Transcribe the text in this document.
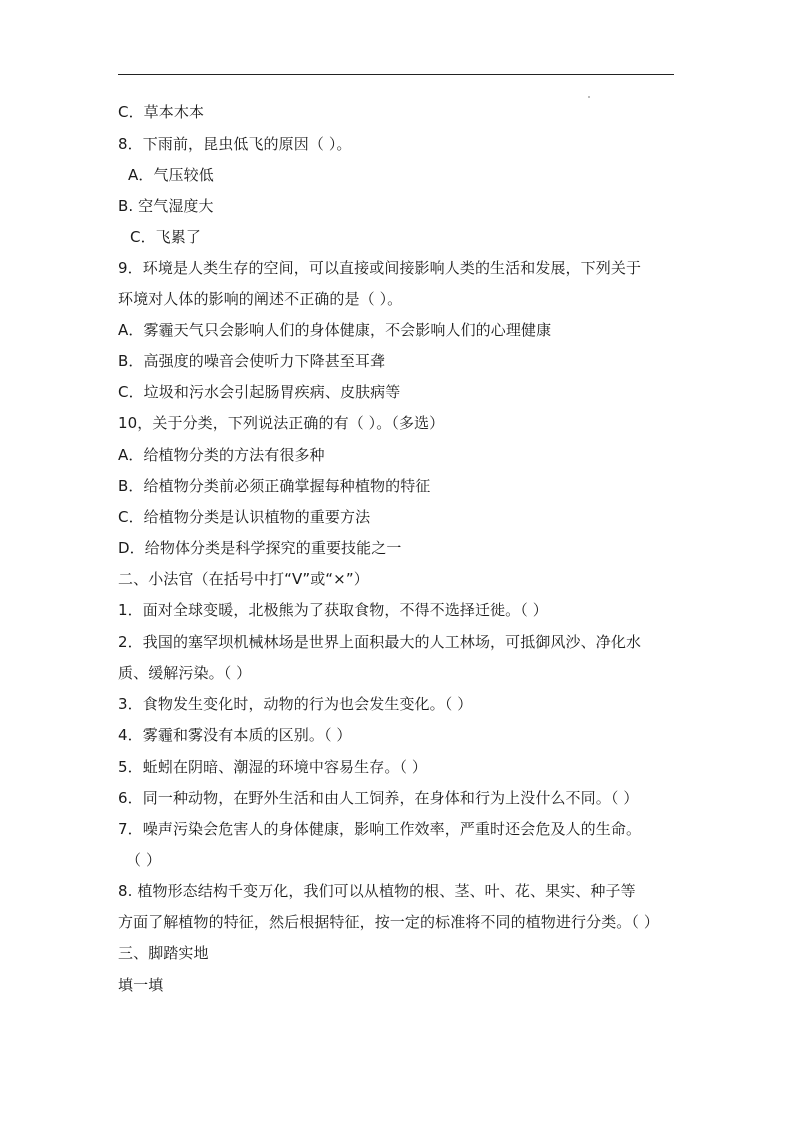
C．草本木本
8．下雨前，昆虫低飞的原因（ ）。
A．气压较低
B. 空气湿度大
C．飞累了
9．环境是人类生存的空间，可以直接或间接影响人类的生活和发展，下列关于
环境对人体的影响的阐述不正确的是（ ）。
A．雾霾天气只会影响人们的身体健康，不会影响人们的心理健康
B．高强度的噪音会使听力下降甚至耳聋
C．垃圾和污水会引起肠胃疾病、皮肤病等
10，关于分类，下列说法正确的有（ ）。（多选）
A．给植物分类的方法有很多种
B．给植物分类前必须正确掌握每种植物的特征
C．给植物分类是认识植物的重要方法
D．给物体分类是科学探究的重要技能之一
二、小法官（在括号中打“V”或“×”）
1．面对全球变暖，北极熊为了获取食物，不得不选择迁徙。（ ）
2．我国的塞罕坝机械林场是世界上面积最大的人工林场，可抵御风沙、净化水
质、缓解污染。（ ）
3．食物发生变化时，动物的行为也会发生变化。（ ）
4．雾霾和雾没有本质的区别。（ ）
5．蚯蚓在阴暗、潮湿的环境中容易生存。（ ）
6．同一种动物，在野外生活和由人工饲养，在身体和行为上没什么不同。（ ）
7．噪声污染会危害人的身体健康，影响工作效率，严重时还会危及人的生命。
（ ）
8. 植物形态结构千变万化，我们可以从植物的根、茎、叶、花、果实、种子等
方面了解植物的特征，然后根据特征，按一定的标准将不同的植物进行分类。（ ）
三、脚踏实地
填一填
